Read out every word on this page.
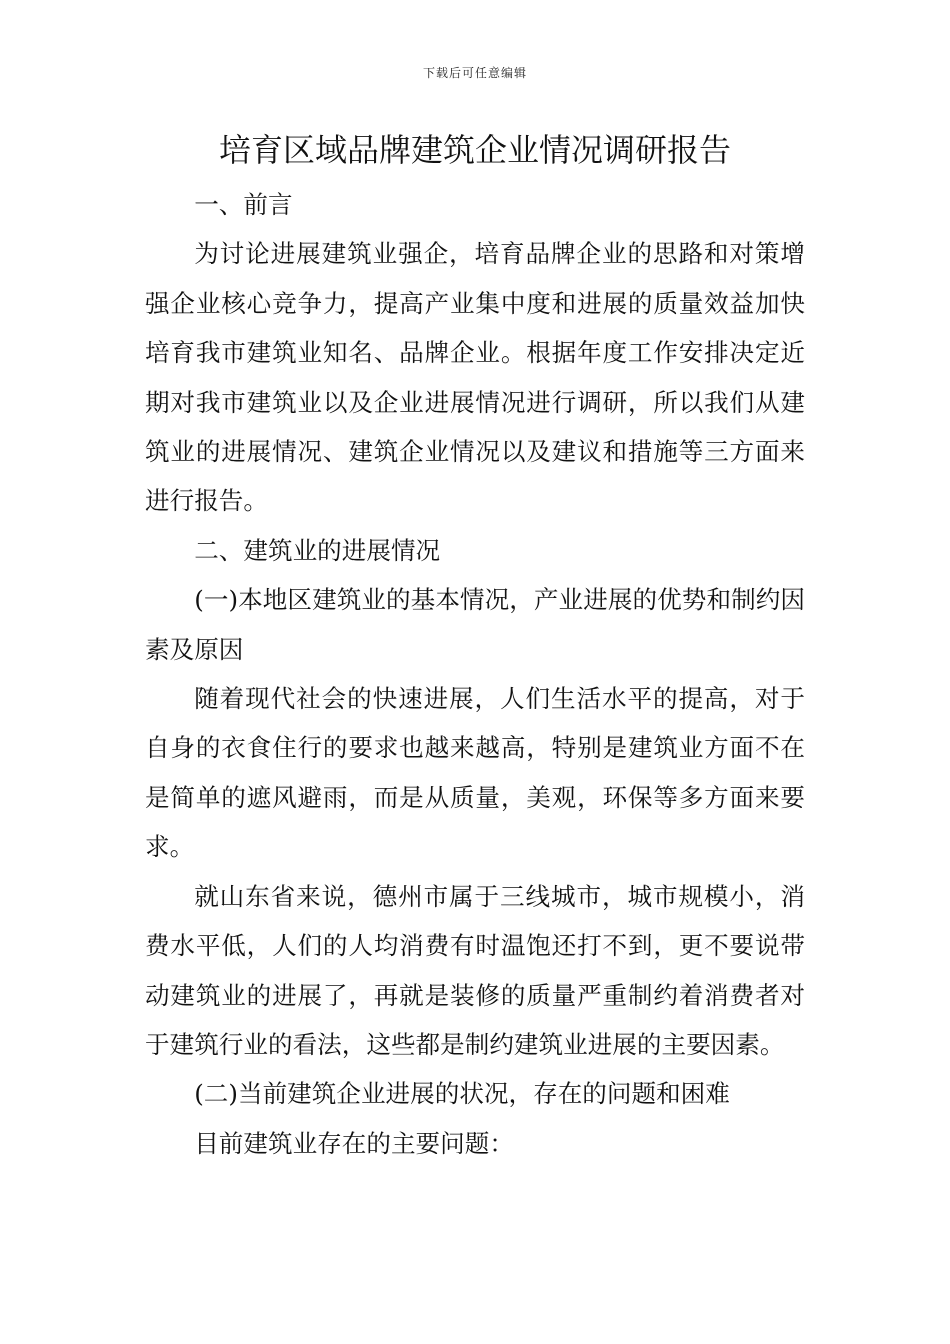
下载后可任意编辑
培育区域品牌建筑企业情况调研报告

一、前言

为讨论进展建筑业强企，培育品牌企业的思路和对策增强企业核心竞争力，提高产业集中度和进展的质量效益加快培育我市建筑业知名、品牌企业。根据年度工作安排决定近期对我市建筑业以及企业进展情况进行调研，所以我们从建筑业的进展情况、建筑企业情况以及建议和措施等三方面来进行报告。

二、建筑业的进展情况

(一)本地区建筑业的基本情况，产业进展的优势和制约因素及原因

随着现代社会的快速进展，人们生活水平的提高，对于自身的衣食住行的要求也越来越高，特别是建筑业方面不在是简单的遮风避雨，而是从质量，美观，环保等多方面来要求。

就山东省来说，德州市属于三线城市，城市规模小，消费水平低，人们的人均消费有时温饱还打不到，更不要说带动建筑业的进展了，再就是装修的质量严重制约着消费者对于建筑行业的看法，这些都是制约建筑业进展的主要因素。

(二)当前建筑企业进展的状况，存在的问题和困难

目前建筑业存在的主要问题：
